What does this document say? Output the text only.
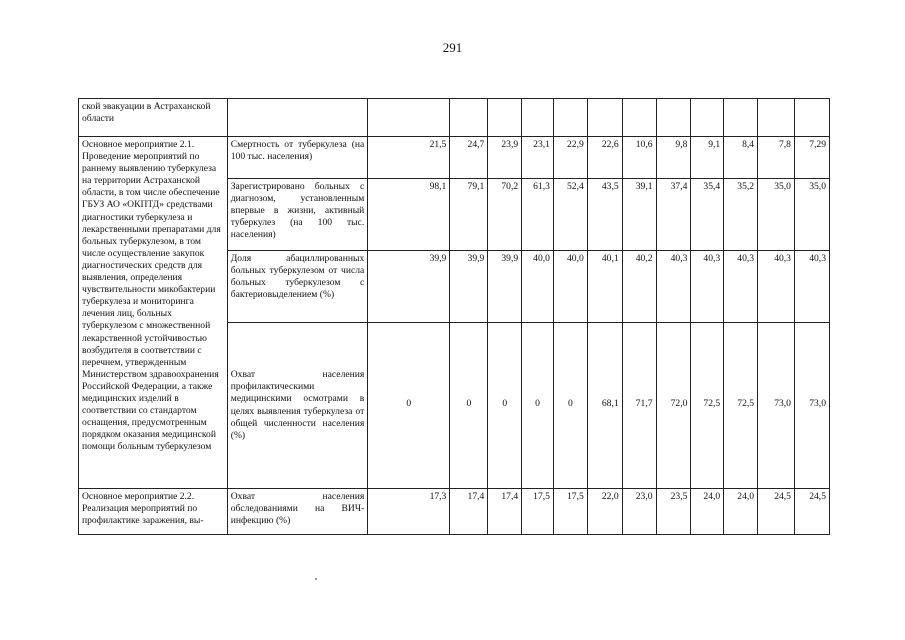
291
ской эвакуации в Астраханской области													
Основное мероприятие 2.1. Проведение мероприятий по раннему выявлению туберкулеза на территории Астраханской области, в том числе обеспечение ГБУЗ АО «ОКПТД» средствами диагностики туберкулеза и лекарственными препаратами для больных туберкулезом, в том числе осуществление закупок диагностических средств для выявления, определения чувствительности микобактерии туберкулеза и мониторинга лечения лиц, больных туберкулезом с множественной лекарственной устойчивостью возбудителя в соответствии с перечнем, утвержденным Министерством здравоохранения Российской Федерации, а также медицинских изделий в соответствии со стандартом оснащения, предусмотренным порядком оказания медицинской помощи больным туберкулезом	Смертность от туберкулеза (на 100 тыс. населения)	21,5	24,7	23,9	23,1	22,9	22,6	10,6	9,8	9,1	8,4	7,8	7,29
	Зарегистрировано больных с диагнозом, установленным впервые в жизни, активный туберкулез (на 100 тыс. населения)	98,1	79,1	70,2	61,3	52,4	43,5	39,1	37,4	35,4	35,2	35,0	35,0
	Доля абациллированных больных туберкулезом от числа больных туберкулезом с бактериовыделением (%)	39,9	39,9	39,9	40,0	40,0	40,1	40,2	40,3	40,3	40,3	40,3	40,3
	Охват населения профилактическими медицинскими осмотрами в целях выявления туберкулеза от общей численности населения (%)	0	0	0	0	0	68,1	71,7	72,0	72,5	72,5	73,0	73,0
Основное мероприятие 2.2. Реализация мероприятий по профилактике заражения, вы-	Охват населения обследованиями на ВИЧ-инфекцию (%)	17,3	17,4	17,4	17,5	17,5	22,0	23,0	23,5	24,0	24,0	24,5	24,5
